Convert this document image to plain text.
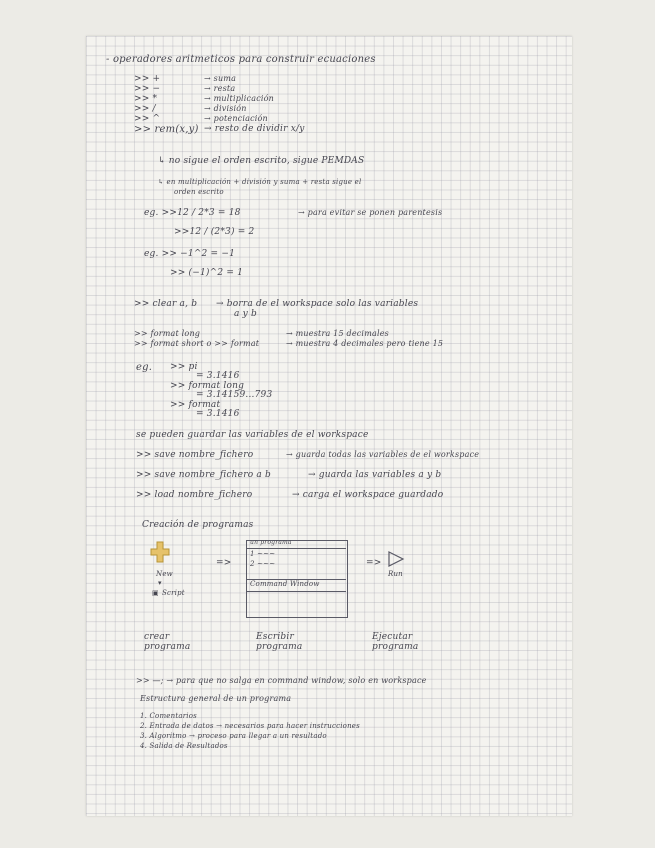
- operadores aritmeticos para construir ecuaciones
>> +	→ suma
>> −	→ resta
>> *	→ multiplicación
>> /	→ división
>> ^	→ potenciación
>> rem(x,y) → resto de dividir x/y
↳ no sigue el orden escrito, sigue PEMDAS
↳ en multiplicación + división y suma + resta sigue el
orden escrito
eg. >>12 / 2*3 = 18	→ para evitar se ponen parentesis
>>12 / (2*3) = 2
eg. >> −1^2 = −1
>> (−1)^2 = 1
>> clear a, b → borra de el workspace solo las variables
a y b
>> format long	→ muestra 15 decimales
>> format short o >> format	→ muestra 4 decimales pero tiene 15
eg. >> pi
= 3.1416
>> format long
= 3.14159...793
>> format
= 3.1416
se pueden guardar las variables de el workspace
>> save nombre_fichero	→ guarda todas las variables de el workspace
>> save nombre_fichero a b	→ guarda las variables a y b
>> load nombre_fichero	→ carga el workspace guardado
Creación de programas
New
▾
▣ Script
=>
un programa
1 ~~~
2 ~~~
Command Window
=>
Run
crear
programa
Escribir
programa
Ejecutar
programa
>> —; → para que no salga en command window, solo en workspace
Estructura general de un programa
1. Comentarios
2. Entrada de datos → necesarios para hacer instrucciones
3. Algoritmo → proceso para llegar a un resultado
4. Salida de Resultados
